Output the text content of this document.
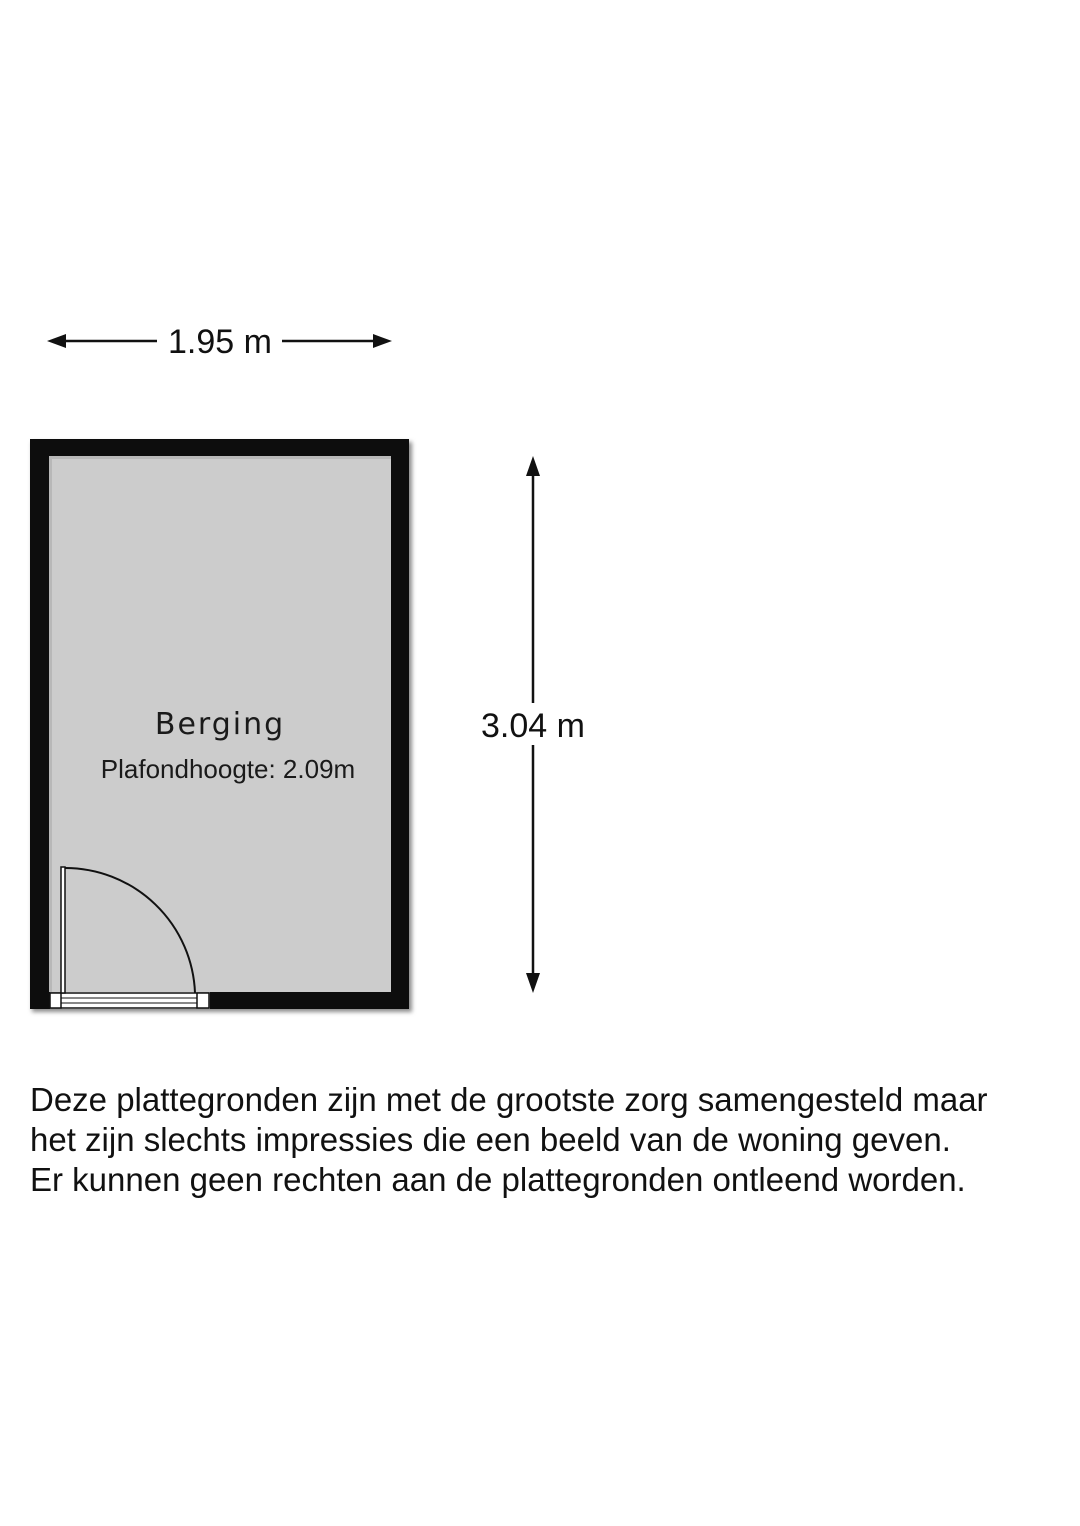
1.95 m
3.04 m
Berging
Plafondhoogte: 2.09m

Deze plattegronden zijn met de grootste zorg samengesteld maar
het zijn slechts impressies die een beeld van de woning geven.
Er kunnen geen rechten aan de plattegronden ontleend worden.
